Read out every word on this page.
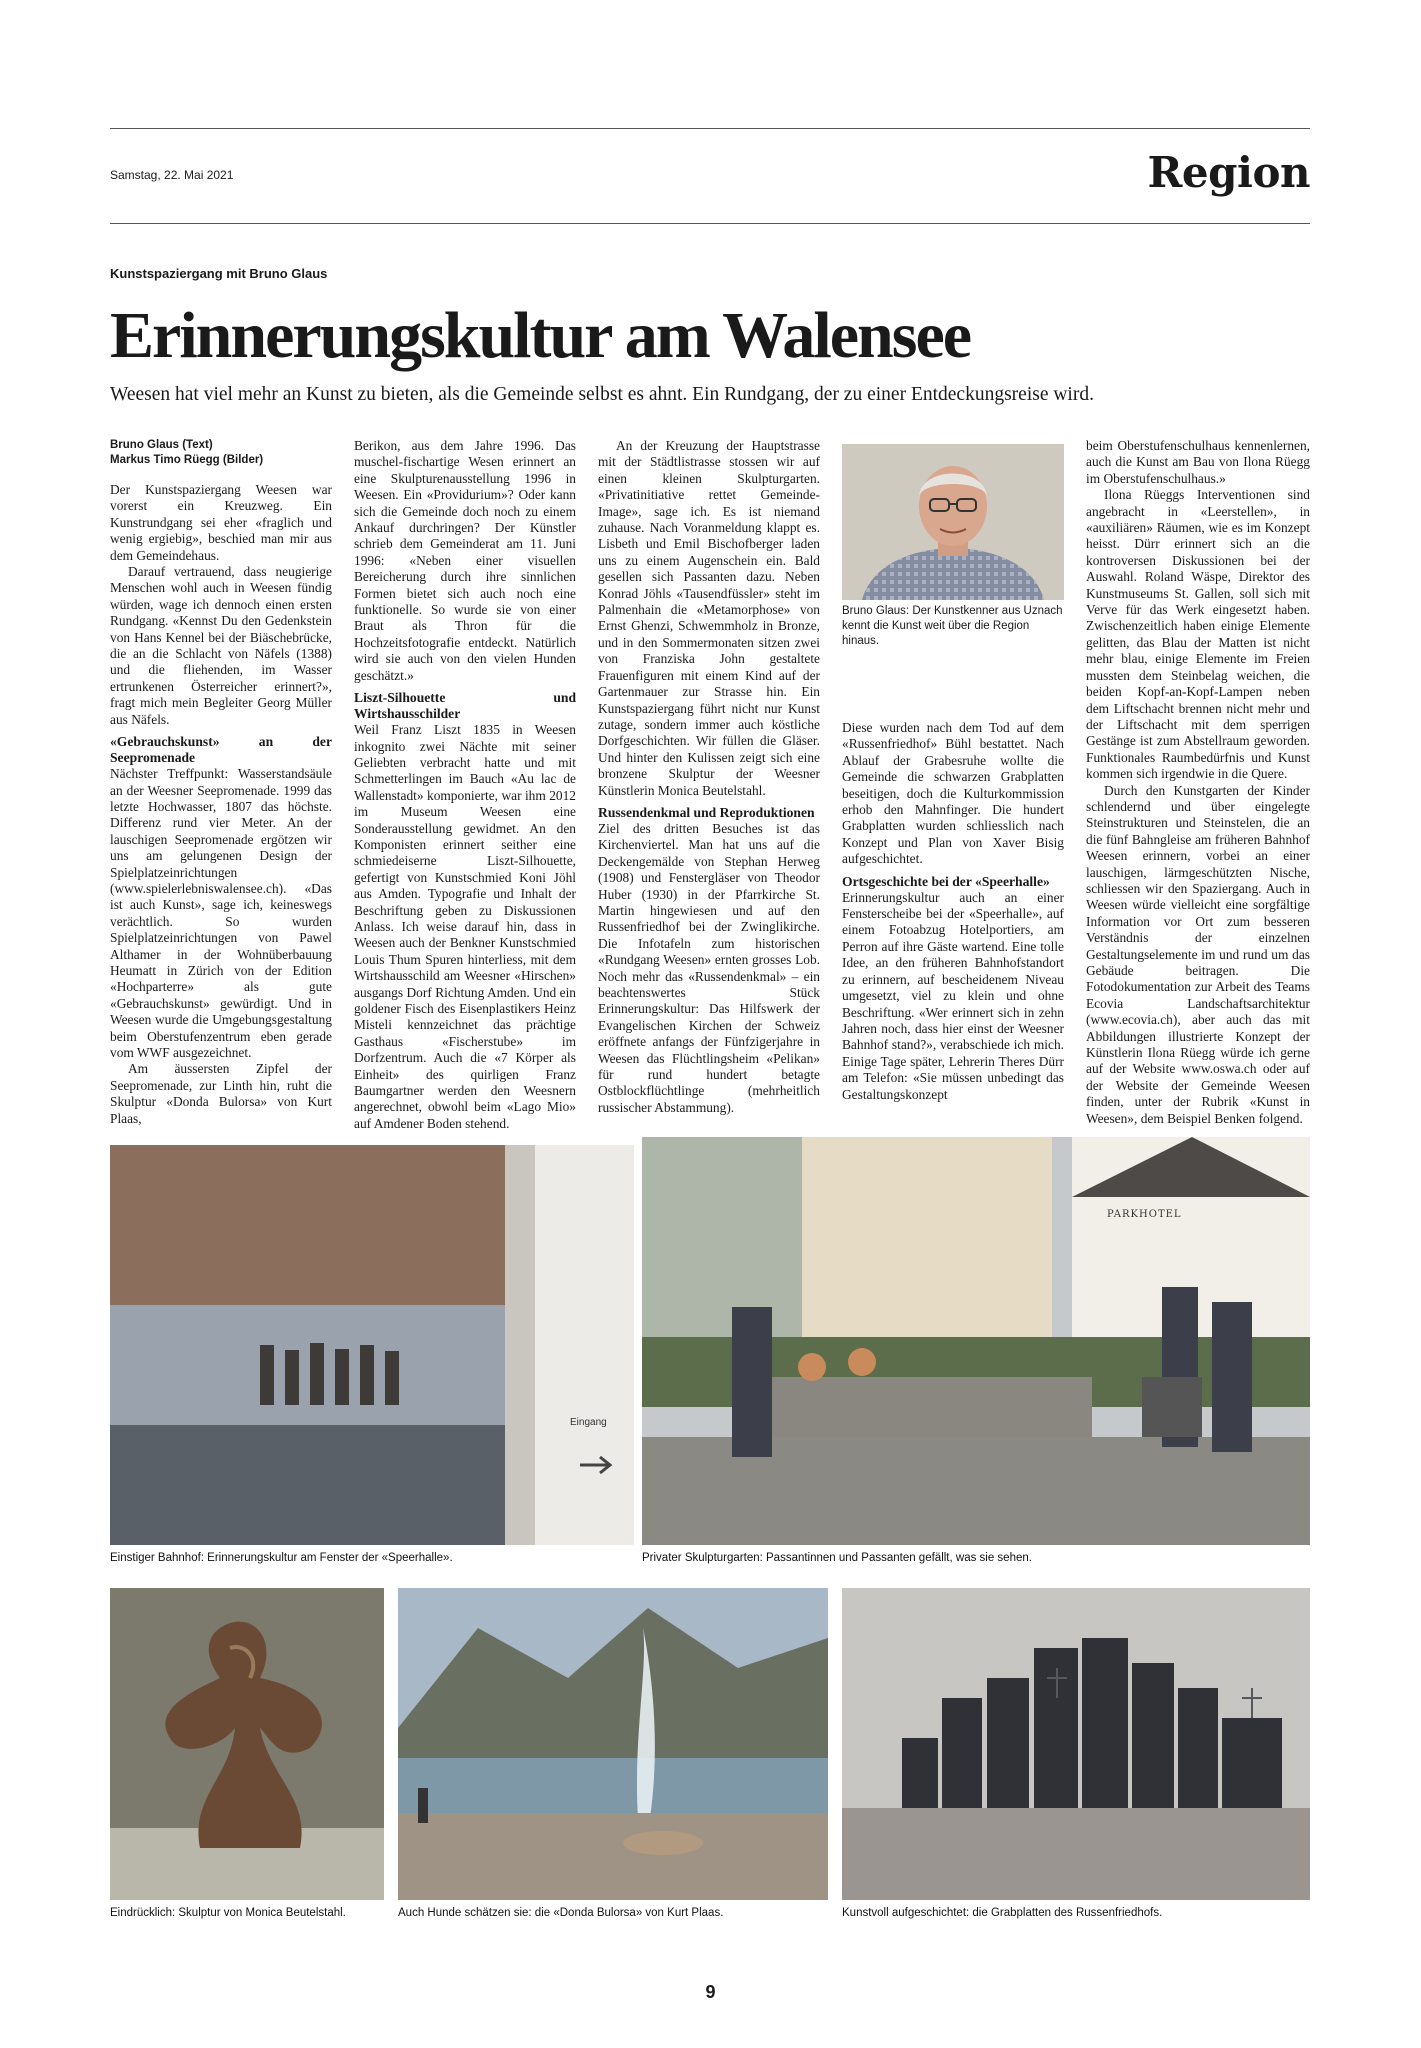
Samstag, 22. Mai 2021	Region
Kunstspaziergang mit Bruno Glaus
Erinnerungskultur am Walensee
Weesen hat viel mehr an Kunst zu bieten, als die Gemeinde selbst es ahnt. Ein Rundgang, der zu einer Entdeckungsreise wird.
Bruno Glaus (Text)
Markus Timo Rüegg (Bilder)

Der Kunstspaziergang Weesen war vorerst ein Kreuzweg. Ein Kunstrundgang sei eher «fraglich und wenig ergiebig», beschied man mir aus dem Gemeindehaus.

Darauf vertrauend, dass neugierige Menschen wohl auch in Weesen fündig würden, wage ich dennoch einen ersten Rundgang. «Kennst Du den Gedenkstein von Hans Kennel bei der Biäschebrücke, die an die Schlacht von Näfels (1388) und die fliehenden, im Wasser ertrunkenen Österreicher erinnert?», fragt mich mein Begleiter Georg Müller aus Näfels.

«Gebrauchskunst» an der Seepromenade

Nächster Treffpunkt: Wasserstandsäule an der Weesner Seepromenade. 1999 das letzte Hochwasser, 1807 das höchste. Differenz rund vier Meter. An der lauschigen Seepromenade ergötzen wir uns am gelungenen Design der Spielplatzeinrichtungen (www.spielerlebniswalensee.ch). «Das ist auch Kunst», sage ich, keineswegs verächtlich. So wurden Spielplatzeinrichtungen von Pawel Althamer in der Wohnüberbauung Heumatt in Zürich von der Edition «Hochparterre» als gute «Gebrauchskunst» gewürdigt. Und in Weesen wurde die Umgebungsgestaltung beim Oberstufenzentrum eben gerade vom WWF ausgezeichnet.

Am äussersten Zipfel der Seepromenade, zur Linth hin, ruht die Skulptur «Donda Bulorsa» von Kurt Plaas,

Berikon, aus dem Jahre 1996. Das muschel-fischartige Wesen erinnert an eine Skulpturenausstellung 1996 in Weesen. Ein «Providurium»? Oder kann sich die Gemeinde doch noch zu einem Ankauf durchringen? Der Künstler schrieb dem Gemeinderat am 11. Juni 1996: «Neben einer visuellen Bereicherung durch ihre sinnlichen Formen bietet sich auch noch eine funktionelle. So wurde sie von einer Braut als Thron für die Hochzeitsfotografie entdeckt. Natürlich wird sie auch von den vielen Hunden geschätzt.»

Liszt-Silhouette und Wirtshausschilder

Weil Franz Liszt 1835 in Weesen inkognito zwei Nächte mit seiner Geliebten verbracht hatte und mit Schmetterlingen im Bauch «Au lac de Wallenstadt» komponierte, war ihm 2012 im Museum Weesen eine Sonderausstellung gewidmet. An den Komponisten erinnert seither eine schmiedeiserne Liszt-Silhouette, gefertigt von Kunstschmied Koni Jöhl aus Amden. Typografie und Inhalt der Beschriftung geben zu Diskussionen Anlass. Ich weise darauf hin, dass in Weesen auch der Benkner Kunstschmied Louis Thum Spuren hinterliess, mit dem Wirtshausschild am Weesner «Hirschen» ausgangs Dorf Richtung Amden. Und ein goldener Fisch des Eisenplastikers Heinz Misteli kennzeichnet das prächtige Gasthaus «Fischerstube» im Dorfzentrum. Auch die «7 Körper als Einheit» des quirligen Franz Baumgartner werden den Weesnern angerechnet, obwohl beim «Lago Mio» auf Amdener Boden stehend.

An der Kreuzung der Hauptstrasse mit der Städtlistrasse stossen wir auf einen kleinen Skulpturgarten. «Privatinitiative rettet Gemeinde-Image», sage ich. Es ist niemand zuhause. Nach Voranmeldung klappt es. Lisbeth und Emil Bischofberger laden uns zu einem Augenschein ein. Bald gesellen sich Passanten dazu. Neben Konrad Jöhls «Tausendfüssler» steht im Palmenhain die «Metamorphose» von Ernst Ghenzi, Schwemmholz in Bronze, und in den Sommermonaten sitzen zwei von Franziska John gestaltete Frauenfiguren mit einem Kind auf der Gartenmauer zur Strasse hin. Ein Kunstspaziergang führt nicht nur Kunst zutage, sondern immer auch köstliche Dorfgeschichten. Wir füllen die Gläser. Und hinter den Kulissen zeigt sich eine bronzene Skulptur der Weesner Künstlerin Monica Beutelstahl.

Russendenkmal und Reproduktionen

Ziel des dritten Besuches ist das Kirchenviertel. Man hat uns auf die Deckengemälde von Stephan Herweg (1908) und Fenstergläser von Theodor Huber (1930) in der Pfarrkirche St. Martin hingewiesen und auf den Russenfriedhof bei der Zwinglikirche. Die Infotafeln zum historischen «Rundgang Weesen» ernten grosses Lob. Noch mehr das «Russendenkmal» – ein beachtenswertes Stück Erinnerungskultur: Das Hilfswerk der Evangelischen Kirchen der Schweiz eröffnete anfangs der Fünfzigerjahre in Weesen das Flüchtlingsheim «Pelikan» für rund hundert betagte Ostblockflüchtlinge (mehrheitlich russischer Abstammung).

Bruno Glaus: Der Kunstkenner aus Uznach kennt die Kunst weit über die Region hinaus.

Diese wurden nach dem Tod auf dem «Russenfriedhof» Bühl bestattet. Nach Ablauf der Grabesruhe wollte die Gemeinde die schwarzen Grabplatten beseitigen, doch die Kulturkommission erhob den Mahnfinger. Die hundert Grabplatten wurden schliesslich nach Konzept und Plan von Xaver Bisig aufgeschichtet.

Ortsgeschichte bei der «Speerhalle»

Erinnerungskultur auch an einer Fensterscheibe bei der «Speerhalle», auf einem Fotoabzug Hotelportiers, am Perron auf ihre Gäste wartend. Eine tolle Idee, an den früheren Bahnhofstandort zu erinnern, auf bescheidenem Niveau umgesetzt, viel zu klein und ohne Beschriftung. «Wer erinnert sich in zehn Jahren noch, dass hier einst der Weesner Bahnhof stand?», verabschiede ich mich. Einige Tage später, Lehrerin Theres Dürr am Telefon: «Sie müssen unbedingt das Gestaltungskonzept

beim Oberstufenschulhaus kennenlernen, auch die Kunst am Bau von Ilona Rüegg im Oberstufenschulhaus.»

Ilona Rüeggs Interventionen sind angebracht in «Leerstellen», in «auxiliären» Räumen, wie es im Konzept heisst. Dürr erinnert sich an die kontroversen Diskussionen bei der Auswahl. Roland Wäspe, Direktor des Kunstmuseums St. Gallen, soll sich mit Verve für das Werk eingesetzt haben. Zwischenzeitlich haben einige Elemente gelitten, das Blau der Matten ist nicht mehr blau, einige Elemente im Freien mussten dem Steinbelag weichen, die beiden Kopf-an-Kopf-Lampen neben dem Liftschacht brennen nicht mehr und der Liftschacht mit dem sperrigen Gestänge ist zum Abstellraum geworden. Funktionales Raumbedürfnis und Kunst kommen sich irgendwie in die Quere.

Durch den Kunstgarten der Kinder schlendernd und über eingelegte Steinstrukturen und Steinstelen, die an die fünf Bahngleise am früheren Bahnhof Weesen erinnern, vorbei an einer lauschigen, lärmgeschützten Nische, schliessen wir den Spaziergang. Auch in Weesen würde vielleicht eine sorgfältige Information vor Ort zum besseren Verständnis der einzelnen Gestaltungselemente im und rund um das Gebäude beitragen. Die Fotodokumentation zur Arbeit des Teams Ecovia Landschaftsarchitektur (www.ecovia.ch), aber auch das mit Abbildungen illustrierte Konzept der Künstlerin Ilona Rüegg würde ich gerne auf der Website www.oswa.ch oder auf der Website der Gemeinde Weesen finden, unter der Rubrik «Kunst in Weesen», dem Beispiel Benken folgend.

Eingang
Einstiger Bahnhof: Erinnerungskultur am Fenster der «Speerhalle».
PARKHOTEL
Privater Skulpturgarten: Passantinnen und Passanten gefällt, was sie sehen.
Eindrücklich: Skulptur von Monica Beutelstahl.	Auch Hunde schätzen sie: die «Donda Bulorsa» von Kurt Plaas.	Kunstvoll aufgeschichtet: die Grabplatten des Russenfriedhofs.
9
